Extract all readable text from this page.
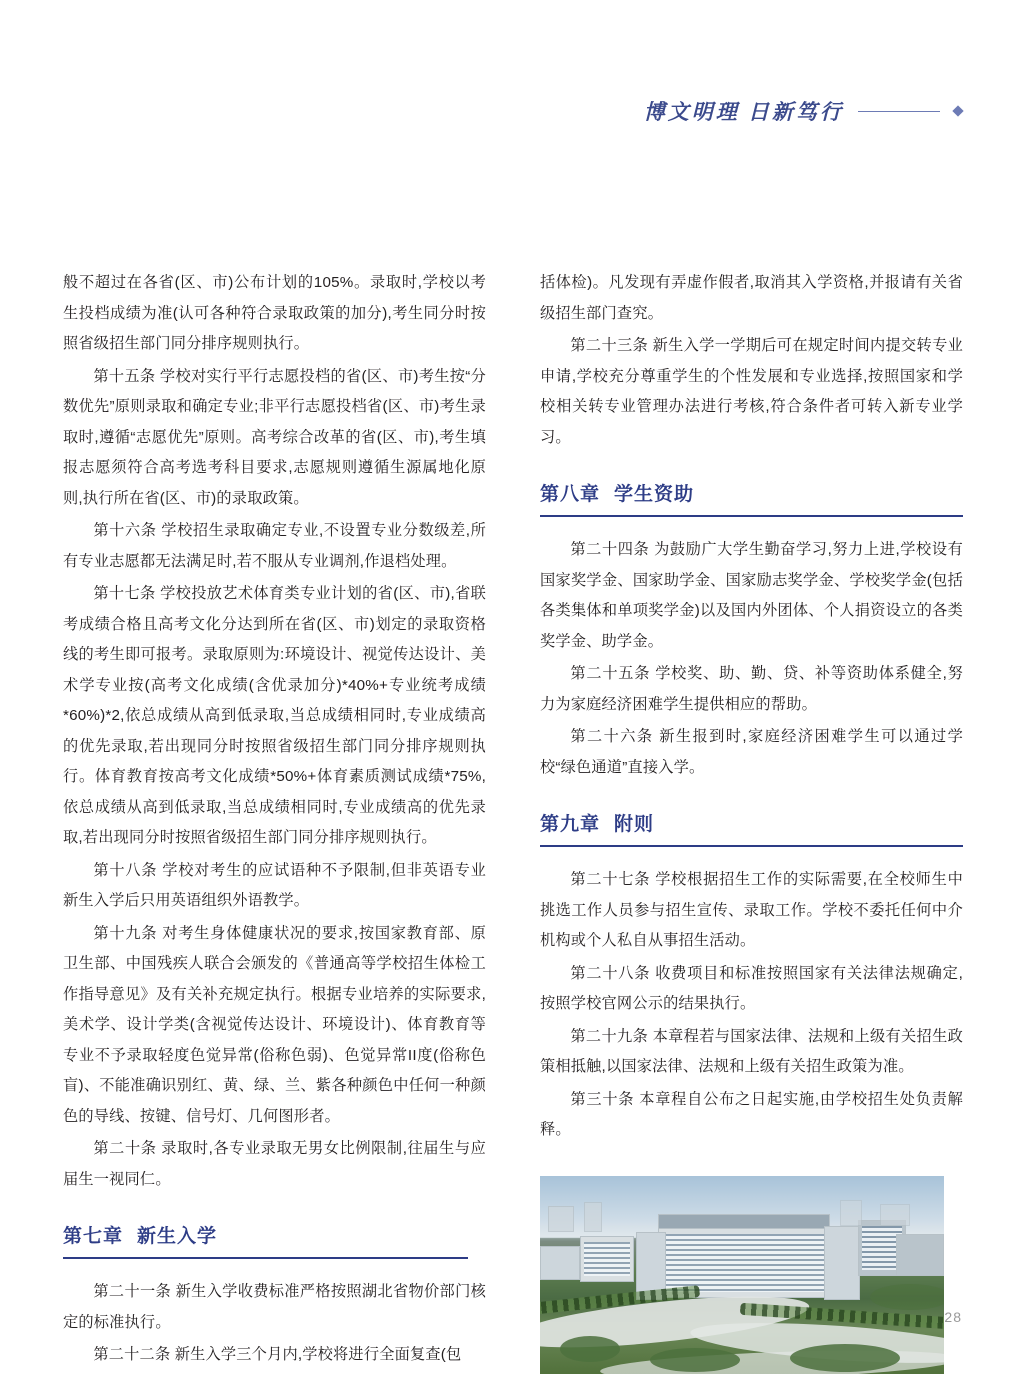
博文明理 日新笃行

般不超过在各省(区、市)公布计划的105%。录取时,学校以考生投档成绩为准(认可各种符合录取政策的加分),考生同分时按照省级招生部门同分排序规则执行。

第十五条 学校对实行平行志愿投档的省(区、市)考生按“分数优先”原则录取和确定专业;非平行志愿投档省(区、市)考生录取时,遵循“志愿优先”原则。高考综合改革的省(区、市),考生填报志愿须符合高考选考科目要求,志愿规则遵循生源属地化原则,执行所在省(区、市)的录取政策。

第十六条 学校招生录取确定专业,不设置专业分数级差,所有专业志愿都无法满足时,若不服从专业调剂,作退档处理。

第十七条 学校投放艺术体育类专业计划的省(区、市),省联考成绩合格且高考文化分达到所在省(区、市)划定的录取资格线的考生即可报考。录取原则为:环境设计、视觉传达设计、美术学专业按(高考文化成绩(含优录加分)*40%+专业统考成绩*60%)*2,依总成绩从高到低录取,当总成绩相同时,专业成绩高的优先录取,若出现同分时按照省级招生部门同分排序规则执行。体育教育按高考文化成绩*50%+体育素质测试成绩*75%,依总成绩从高到低录取,当总成绩相同时,专业成绩高的优先录取,若出现同分时按照省级招生部门同分排序规则执行。

第十八条 学校对考生的应试语种不予限制,但非英语专业新生入学后只用英语组织外语教学。

第十九条 对考生身体健康状况的要求,按国家教育部、原卫生部、中国残疾人联合会颁发的《普通高等学校招生体检工作指导意见》及有关补充规定执行。根据专业培养的实际要求,美术学、设计学类(含视觉传达设计、环境设计)、体育教育等专业不予录取轻度色觉异常(俗称色弱)、色觉异常II度(俗称色盲)、不能准确识别红、黄、绿、兰、紫各种颜色中任何一种颜色的导线、按键、信号灯、几何图形者。

第二十条 录取时,各专业录取无男女比例限制,往届生与应届生一视同仁。

第七章 新生入学

第二十一条 新生入学收费标准严格按照湖北省物价部门核定的标准执行。

第二十二条 新生入学三个月内,学校将进行全面复查(包

括体检)。凡发现有弄虚作假者,取消其入学资格,并报请有关省级招生部门查究。

第二十三条 新生入学一学期后可在规定时间内提交转专业申请,学校充分尊重学生的个性发展和专业选择,按照国家和学校相关转专业管理办法进行考核,符合条件者可转入新专业学习。

第八章 学生资助

第二十四条 为鼓励广大学生勤奋学习,努力上进,学校设有国家奖学金、国家助学金、国家励志奖学金、学校奖学金(包括各类集体和单项奖学金)以及国内外团体、个人捐资设立的各类奖学金、助学金。

第二十五条 学校奖、助、勤、贷、补等资助体系健全,努力为家庭经济困难学生提供相应的帮助。

第二十六条 新生报到时,家庭经济困难学生可以通过学校“绿色通道”直接入学。

第九章 附则

第二十七条 学校根据招生工作的实际需要,在全校师生中挑选工作人员参与招生宣传、录取工作。学校不委托任何中介机构或个人私自从事招生活动。

第二十八条 收费项目和标准按照国家有关法律法规确定,按照学校官网公示的结果执行。

第二十九条 本章程若与国家法律、法规和上级有关招生政策相抵触,以国家法律、法规和上级有关招生政策为准。

第三十条 本章程自公布之日起实施,由学校招生处负责解释。

28
